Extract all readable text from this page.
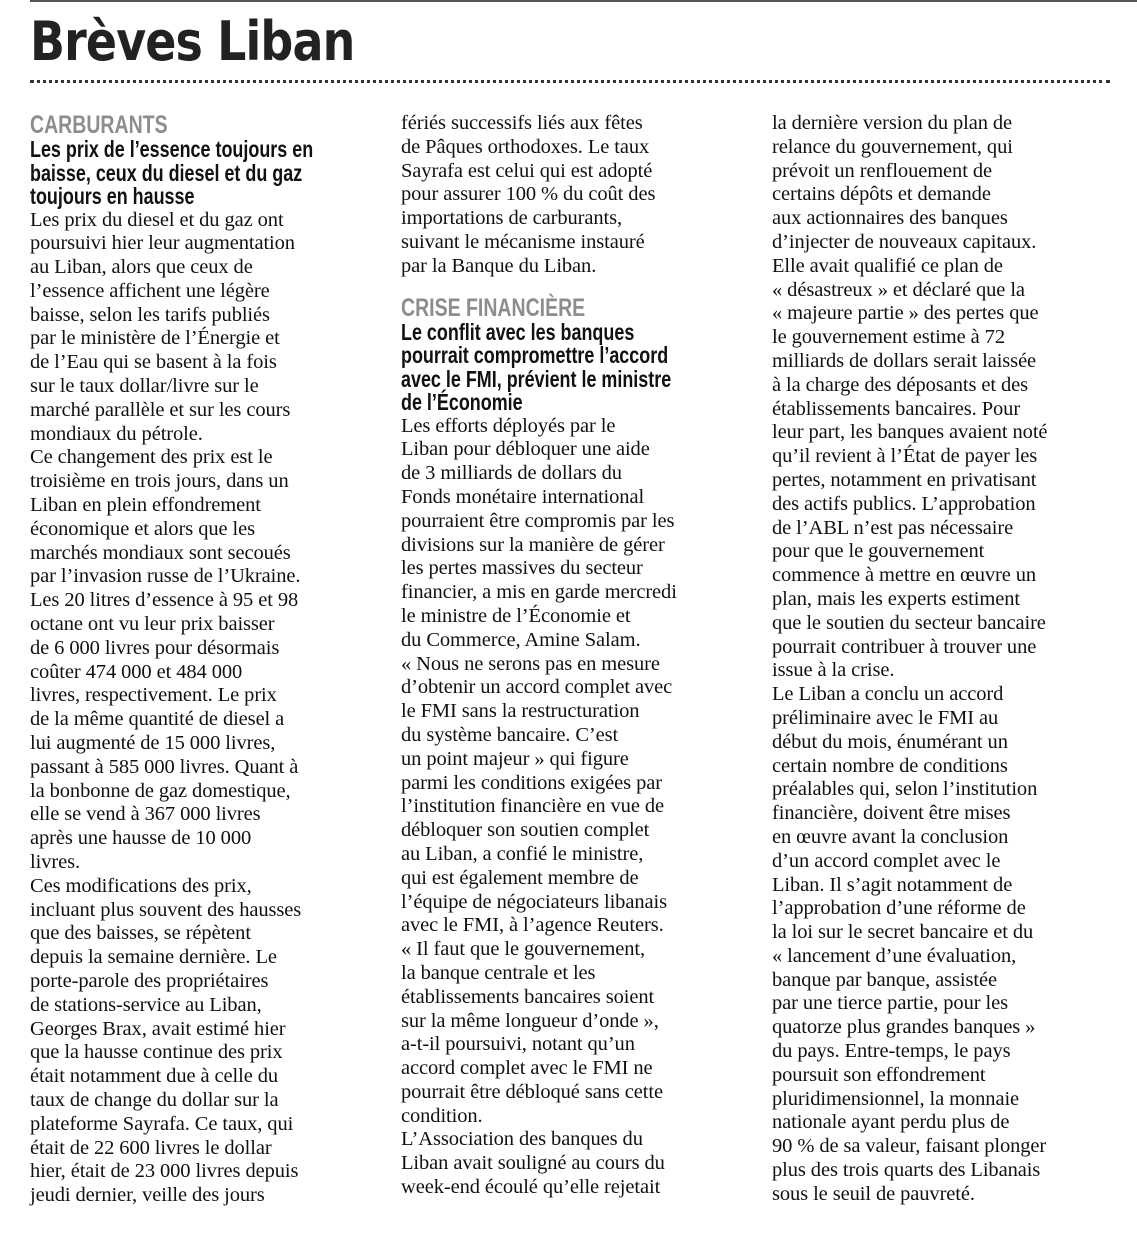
Brèves Liban
CARBURANTS
Les prix de l’essence toujours en
baisse, ceux du diesel et du gaz
toujours en hausse

Les prix du diesel et du gaz ont
poursuivi hier leur augmentation
au Liban, alors que ceux de
l’essence affichent une légère
baisse, selon les tarifs publiés
par le ministère de l’Énergie et
de l’Eau qui se basent à la fois
sur le taux dollar/livre sur le
marché parallèle et sur les cours
mondiaux du pétrole.
Ce changement des prix est le
troisième en trois jours, dans un
Liban en plein effondrement
économique et alors que les
marchés mondiaux sont secoués
par l’invasion russe de l’Ukraine.
Les 20 litres d’essence à 95 et 98
octane ont vu leur prix baisser
de 6 000 livres pour désormais
coûter 474 000 et 484 000
livres, respectivement. Le prix
de la même quantité de diesel a
lui augmenté de 15 000 livres,
passant à 585 000 livres. Quant à
la bonbonne de gaz domestique,
elle se vend à 367 000 livres
après une hausse de 10 000
livres.
Ces modifications des prix,
incluant plus souvent des hausses
que des baisses, se répètent
depuis la semaine dernière. Le
porte-parole des propriétaires
de stations-service au Liban,
Georges Brax, avait estimé hier
que la hausse continue des prix
était notamment due à celle du
taux de change du dollar sur la
plateforme Sayrafa. Ce taux, qui
était de 22 600 livres le dollar
hier, était de 23 000 livres depuis
jeudi dernier, veille des jours

fériés successifs liés aux fêtes
de Pâques orthodoxes. Le taux
Sayrafa est celui qui est adopté
pour assurer 100 % du coût des
importations de carburants,
suivant le mécanisme instauré
par la Banque du Liban.

CRISE FINANCIÈRE
Le conflit avec les banques
pourrait compromettre l’accord
avec le FMI, prévient le ministre
de l’Économie

Les efforts déployés par le
Liban pour débloquer une aide
de 3 milliards de dollars du
Fonds monétaire international
pourraient être compromis par les
divisions sur la manière de gérer
les pertes massives du secteur
financier, a mis en garde mercredi
le ministre de l’Économie et
du Commerce, Amine Salam.
« Nous ne serons pas en mesure
d’obtenir un accord complet avec
le FMI sans la restructuration
du système bancaire. C’est
un point majeur » qui figure
parmi les conditions exigées par
l’institution financière en vue de
débloquer son soutien complet
au Liban, a confié le ministre,
qui est également membre de
l’équipe de négociateurs libanais
avec le FMI, à l’agence Reuters.
« Il faut que le gouvernement,
la banque centrale et les
établissements bancaires soient
sur la même longueur d’onde »,
a-t-il poursuivi, notant qu’un
accord complet avec le FMI ne
pourrait être débloqué sans cette
condition.
L’Association des banques du
Liban avait souligné au cours du
week-end écoulé qu’elle rejetait

la dernière version du plan de
relance du gouvernement, qui
prévoit un renflouement de
certains dépôts et demande
aux actionnaires des banques
d’injecter de nouveaux capitaux.
Elle avait qualifié ce plan de
« désastreux » et déclaré que la
« majeure partie » des pertes que
le gouvernement estime à 72
milliards de dollars serait laissée
à la charge des déposants et des
établissements bancaires. Pour
leur part, les banques avaient noté
qu’il revient à l’État de payer les
pertes, notamment en privatisant
des actifs publics. L’approbation
de l’ABL n’est pas nécessaire
pour que le gouvernement
commence à mettre en œuvre un
plan, mais les experts estiment
que le soutien du secteur bancaire
pourrait contribuer à trouver une
issue à la crise.
Le Liban a conclu un accord
préliminaire avec le FMI au
début du mois, énumérant un
certain nombre de conditions
préalables qui, selon l’institution
financière, doivent être mises
en œuvre avant la conclusion
d’un accord complet avec le
Liban. Il s’agit notamment de
l’approbation d’une réforme de
la loi sur le secret bancaire et du
« lancement d’une évaluation,
banque par banque, assistée
par une tierce partie, pour les
quatorze plus grandes banques »
du pays. Entre-temps, le pays
poursuit son effondrement
pluridimensionnel, la monnaie
nationale ayant perdu plus de
90 % de sa valeur, faisant plonger
plus des trois quarts des Libanais
sous le seuil de pauvreté.
